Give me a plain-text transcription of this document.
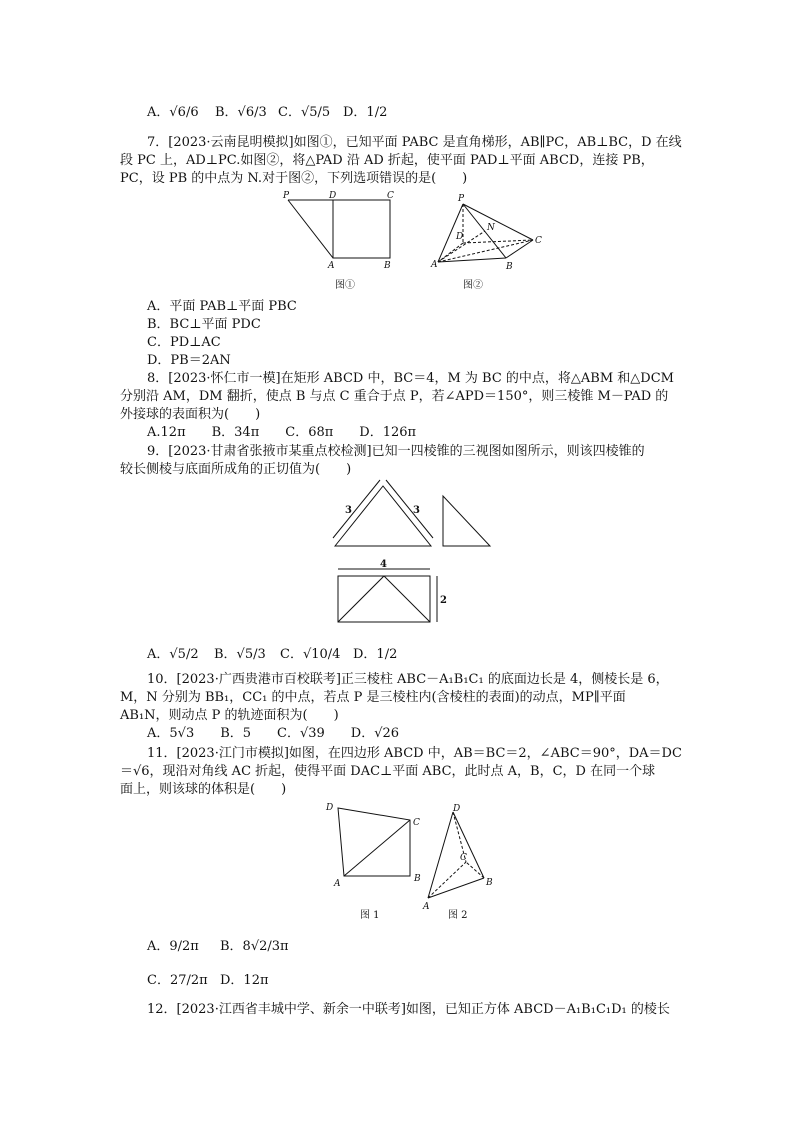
A．√6/6 B．√6/3 C．√5/5 D．1/2
7．[2023·云南昆明模拟]如图①，已知平面 PABC 是直角梯形，AB∥PC，AB⊥BC，D 在线
段 PC 上，AD⊥PC.如图②，将△PAD 沿 AD 折起，使平面 PAD⊥平面 ABCD，连接 PB，
PC，设 PB 的中点为 N.对于图②，下列选项错误的是(　　)
P	D	C
A	B
图①
P
D
N
C
A	B
图②
A．平面 PAB⊥平面 PBC
B．BC⊥平面 PDC
C．PD⊥AC
D．PB＝2AN
8．[2023·怀仁市一模]在矩形 ABCD 中，BC＝4，M 为 BC 的中点，将△ABM 和△DCM
分别沿 AM，DM 翻折，使点 B 与点 C 重合于点 P，若∠APD＝150°，则三棱锥 M－PAD 的
外接球的表面积为(　　)
A.12π　　B．34π　　C．68π　　D．126π
9．[2023·甘肃省张掖市某重点校检测]已知一四棱锥的三视图如图所示，则该四棱锥的
较长侧棱与底面所成角的正切值为(　　)
3	3
4
2
A．√5/2 B．√5/3 C．√10/4 D．1/2
10．[2023·广西贵港市百校联考]正三棱柱 ABC－A₁B₁C₁ 的底面边长是 4，侧棱长是 6，
M，N 分别为 BB₁，CC₁ 的中点，若点 P 是三棱柱内(含棱柱的表面)的动点，MP∥平面
AB₁N，则动点 P 的轨迹面积为(　　)
A．5√3　　B．5　　C．√39　　D．√26
11．[2023·江门市模拟]如图，在四边形 ABCD 中，AB＝BC＝2，∠ABC＝90°，DA＝DC
＝√6，现沿对角线 AC 折起，使得平面 DAC⊥平面 ABC，此时点 A，B，C，D 在同一个球
面上，则该球的体积是(　　)
D
C
A	B
图 1
D
C
A
B
图 2
A．9/2π B．8√2/3π
C．27/2π D．12π
12．[2023·江西省丰城中学、新余一中联考]如图，已知正方体 ABCD－A₁B₁C₁D₁ 的棱长
